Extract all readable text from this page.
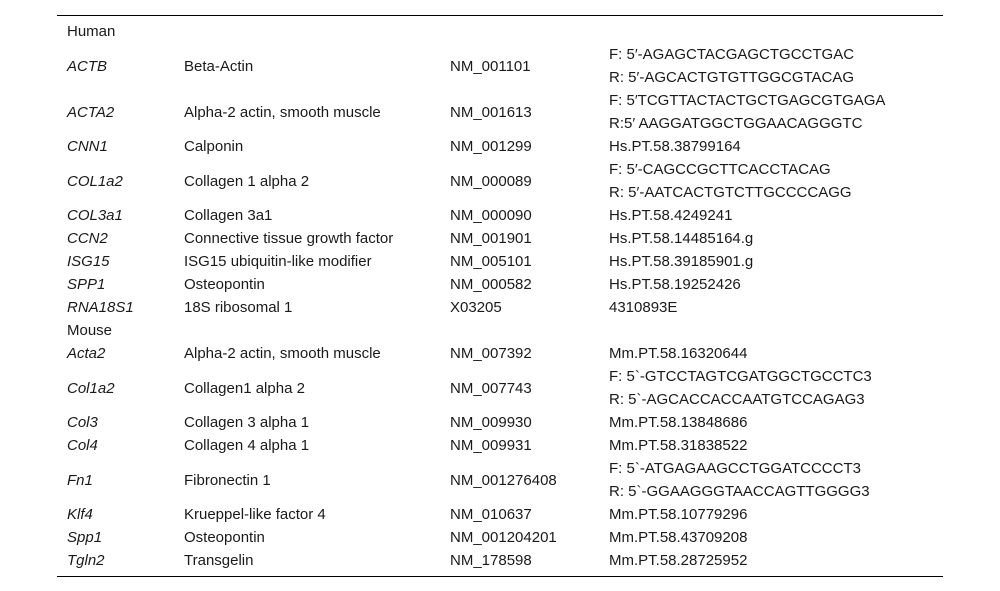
Human
ACTB	Beta-Actin	NM_001101
F: 5′-AGAGCTACGAGCTGCCTGAC
R: 5′-AGCACTGTGTTGGCGTACAG
ACTA2	Alpha-2 actin, smooth muscle	NM_001613
F: 5′TCGTTACTACTGCTGAGCGTGAGA
R:5′ AAGGATGGCTGGAACAGGGTC
CNN1	Calponin	NM_001299	Hs.PT.58.38799164
COL1a2	Collagen 1 alpha 2	NM_000089
F: 5′-CAGCCGCTTCACCTACAG
R: 5′-AATCACTGTCTTGCCCCAGG
COL3a1	Collagen 3a1	NM_000090	Hs.PT.58.4249241
CCN2	Connective tissue growth factor	NM_001901	Hs.PT.58.14485164.g
ISG15	ISG15 ubiquitin-like modifier	NM_005101	Hs.PT.58.39185901.g
SPP1	Osteopontin	NM_000582	Hs.PT.58.19252426
RNA18S1	18S ribosomal 1	X03205	4310893E
Mouse
Acta2	Alpha-2 actin, smooth muscle	NM_007392	Mm.PT.58.16320644
Col1a2	Collagen1 alpha 2	NM_007743
F: 5`-GTCCTAGTCGATGGCTGCCTC3
R: 5`-AGCACCACCAATGTCCAGAG3
Col3	Collagen 3 alpha 1	NM_009930	Mm.PT.58.13848686
Col4	Collagen 4 alpha 1	NM_009931	Mm.PT.58.31838522
Fn1	Fibronectin 1	NM_001276408
F: 5`-ATGAGAAGCCTGGATCCCCT3
R: 5`-GGAAGGGTAACCAGTTGGGG3
Klf4	Krueppel-like factor 4	NM_010637	Mm.PT.58.10779296
Spp1	Osteopontin	NM_001204201	Mm.PT.58.43709208
Tgln2	Transgelin	NM_178598	Mm.PT.58.28725952
